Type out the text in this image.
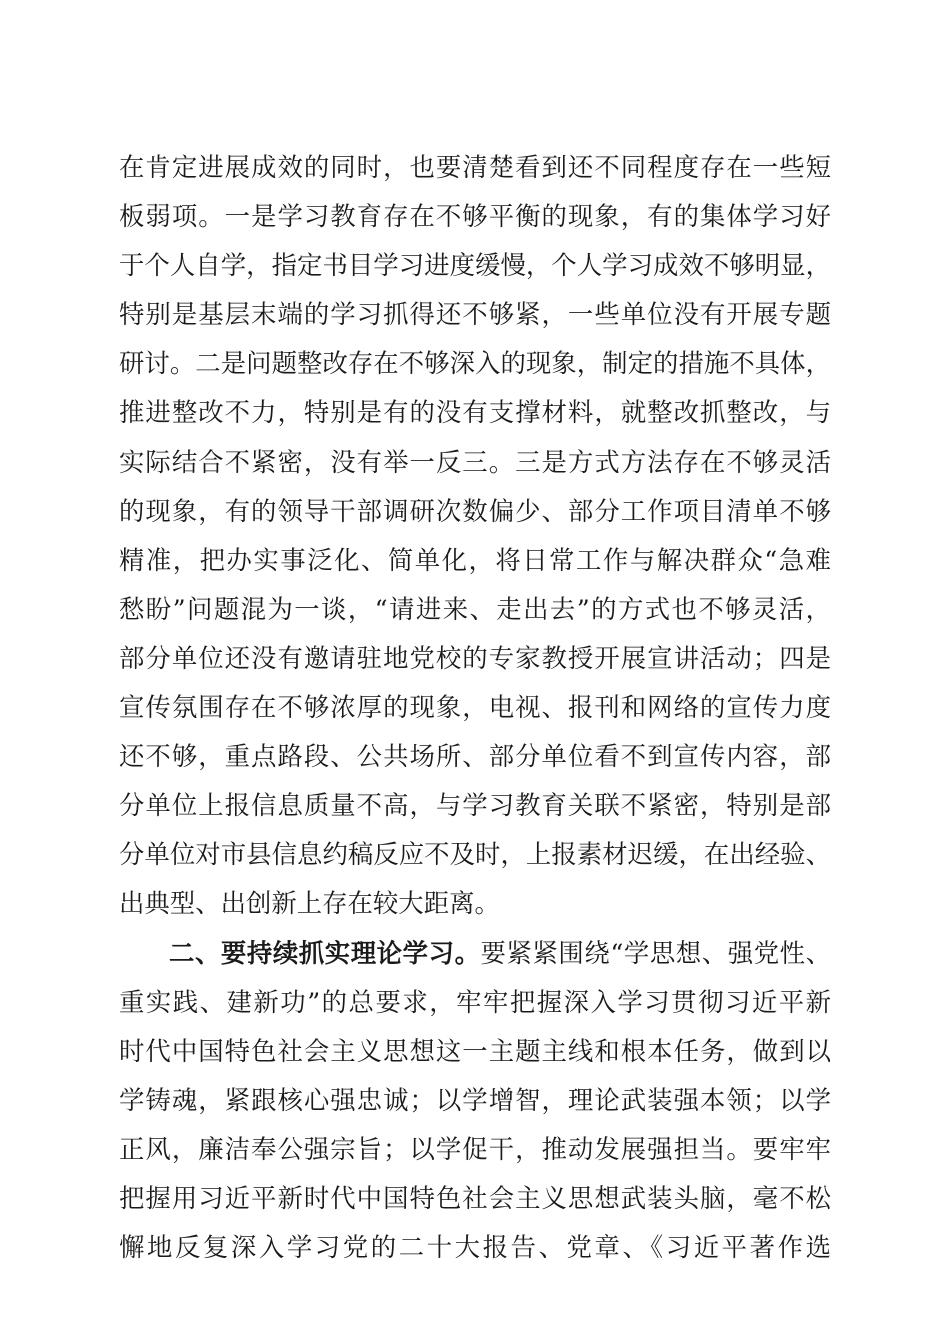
在肯定进展成效的同时，也要清楚看到还不同程度存在一些短
板弱项。一是学习教育存在不够平衡的现象，有的集体学习好
于个人自学，指定书目学习进度缓慢，个人学习成效不够明显，
特别是基层末端的学习抓得还不够紧，一些单位没有开展专题
研讨。二是问题整改存在不够深入的现象，制定的措施不具体，
推进整改不力，特别是有的没有支撑材料，就整改抓整改，与
实际结合不紧密，没有举一反三。三是方式方法存在不够灵活
的现象，有的领导干部调研次数偏少、部分工作项目清单不够
精准，把办实事泛化、简单化，将日常工作与解决群众“急难
愁盼”问题混为一谈，“请进来、走出去”的方式也不够灵活，
部分单位还没有邀请驻地党校的专家教授开展宣讲活动；四是
宣传氛围存在不够浓厚的现象，电视、报刊和网络的宣传力度
还不够，重点路段、公共场所、部分单位看不到宣传内容，部
分单位上报信息质量不高，与学习教育关联不紧密，特别是部
分单位对市县信息约稿反应不及时，上报素材迟缓，在出经验、
出典型、出创新上存在较大距离。
二、要持续抓实理论学习。要紧紧围绕“学思想、强党性、
重实践、建新功”的总要求，牢牢把握深入学习贯彻习近平新
时代中国特色社会主义思想这一主题主线和根本任务，做到以
学铸魂，紧跟核心强忠诚；以学增智，理论武装强本领；以学
正风，廉洁奉公强宗旨；以学促干，推动发展强担当。要牢牢
把握用习近平新时代中国特色社会主义思想武装头脑，毫不松
懈地反复深入学习党的二十大报告、党章、《习近平著作选
